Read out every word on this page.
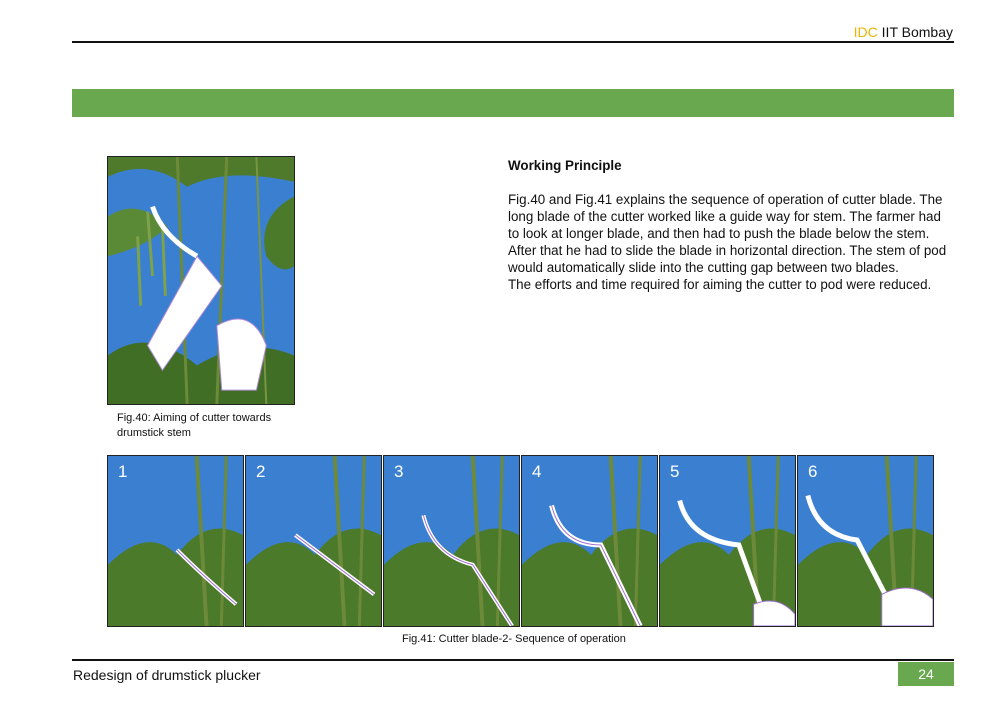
IDC IIT Bombay
Fig.40: Aiming of cutter towards drumstick stem
Working Principle

Fig.40 and Fig.41 explains the sequence of operation of cutter blade. The long blade of the cutter worked like a guide way for stem. The farmer had to look at longer blade, and then had to push the blade below the stem. After that he had to slide the blade in horizontal direction. The stem of pod would automatically slide into the cutting gap between two blades.

The efforts and time required for aiming the cutter to pod were reduced.

1	2	3	4	5	6
Fig.41: Cutter blade-2- Sequence of operation
Redesign of drumstick plucker	24
